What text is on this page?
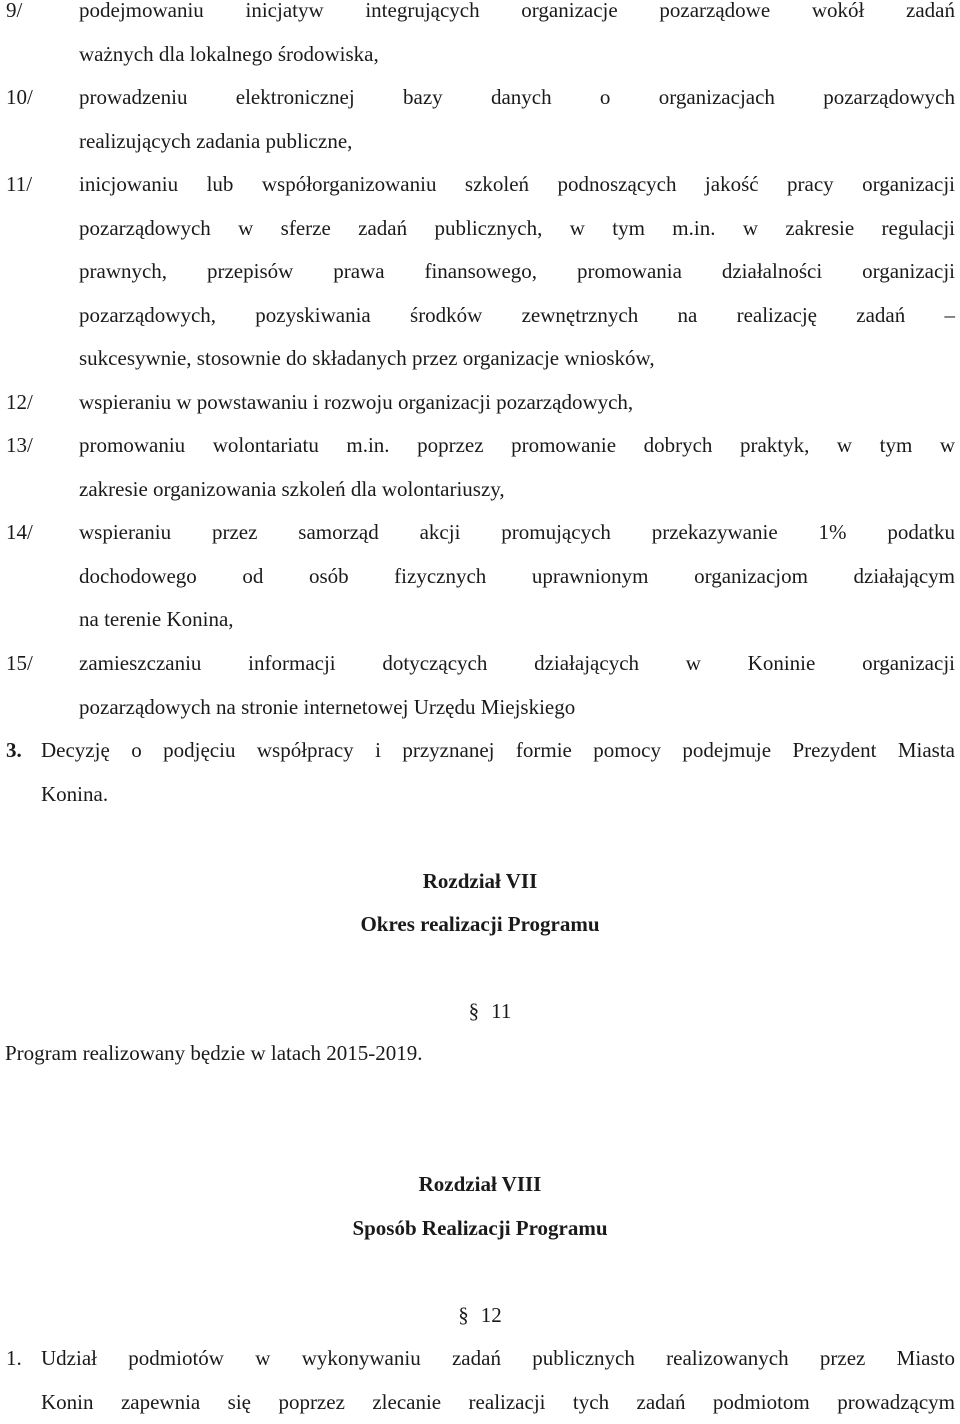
9/	podejmowaniu inicjatyw integrujących organizacje pozarządowe wokół zadań
ważnych dla lokalnego środowiska,
10/ prowadzeniu elektronicznej bazy danych o organizacjach pozarządowych
realizujących zadania publiczne,
11/ inicjowaniu lub współorganizowaniu szkoleń podnoszących jakość pracy organizacji
pozarządowych w sferze zadań publicznych, w tym m.in. w zakresie regulacji
prawnych, przepisów prawa finansowego, promowania działalności organizacji
pozarządowych, pozyskiwania środków zewnętrznych na realizację zadań –
sukcesywnie, stosownie do składanych przez organizacje wniosków,
12/ wspieraniu w powstawaniu i rozwoju organizacji pozarządowych,
13/ promowaniu wolontariatu m.in. poprzez promowanie dobrych praktyk, w tym w
zakresie organizowania szkoleń dla wolontariuszy,
14/ wspieraniu przez samorząd akcji promujących przekazywanie 1% podatku
dochodowego od osób fizycznych uprawnionym organizacjom działającym
na terenie Konina,
15/ zamieszczaniu informacji dotyczących działających w Koninie organizacji
pozarządowych na stronie internetowej Urzędu Miejskiego
3. Decyzję o podjęciu współpracy i przyznanej formie pomocy podejmuje Prezydent Miasta
Konina.
Rozdział VII
Okres realizacji Programu
§ 11
Program realizowany będzie w latach 2015-2019.
Rozdział VIII
Sposób Realizacji Programu
§ 12
1. Udział podmiotów w wykonywaniu zadań publicznych realizowanych przez Miasto
Konin zapewnia się poprzez zlecanie realizacji tych zadań podmiotom prowadzącym
